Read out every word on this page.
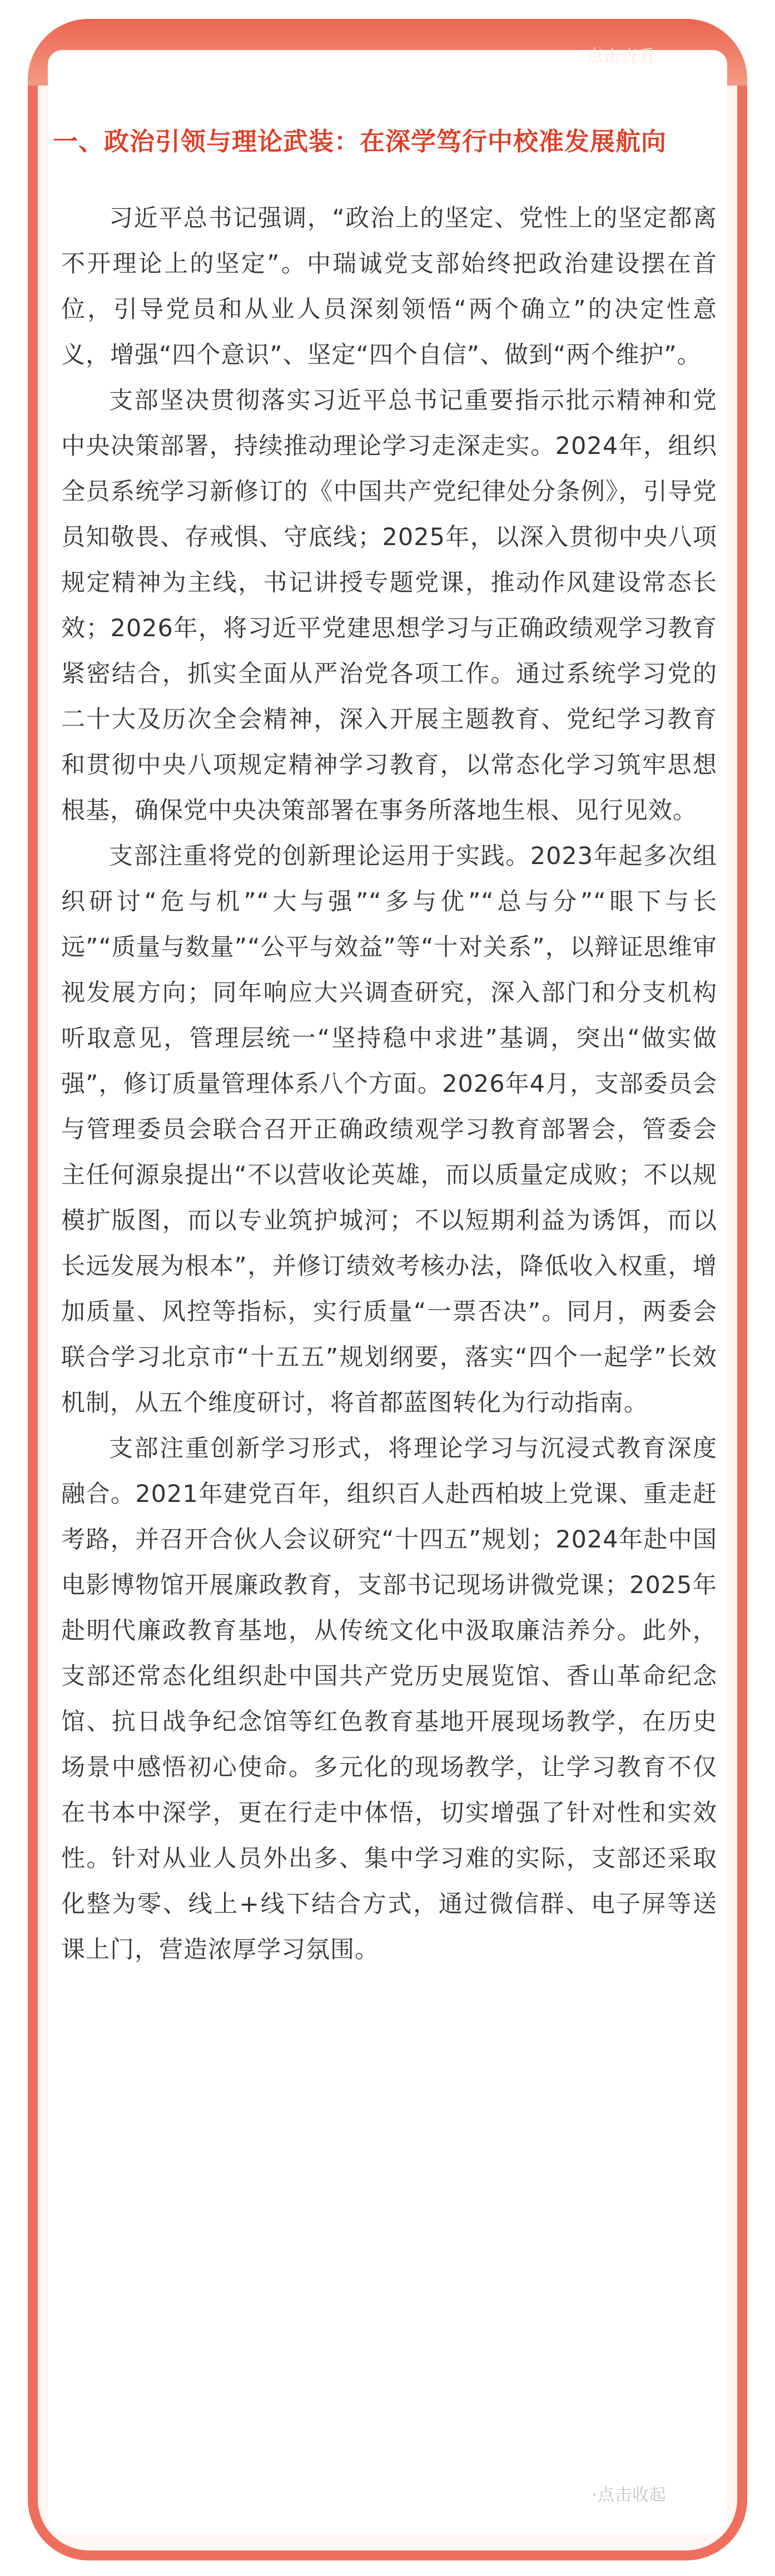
·点击查看
一、政治引领与理论武装：在深学笃行中校准发展航向

习近平总书记强调，“政治上的坚定、党性上的坚定都离不开理论上的坚定”。中瑞诚党支部始终把政治建设摆在首位，引导党员和从业人员深刻领悟“两个确立”的决定性意义，增强“四个意识”、坚定“四个自信”、做到“两个维护”。

支部坚决贯彻落实习近平总书记重要指示批示精神和党中央决策部署，持续推动理论学习走深走实。2024年，组织全员系统学习新修订的《中国共产党纪律处分条例》，引导党员知敬畏、存戒惧、守底线；2025年，以深入贯彻中央八项规定精神为主线，书记讲授专题党课，推动作风建设常态长效；2026年，将习近平党建思想学习与正确政绩观学习教育紧密结合，抓实全面从严治党各项工作。通过系统学习党的二十大及历次全会精神，深入开展主题教育、党纪学习教育和贯彻中央八项规定精神学习教育，以常态化学习筑牢思想根基，确保党中央决策部署在事务所落地生根、见行见效。

支部注重将党的创新理论运用于实践。2023年起多次组织研讨“危与机”“大与强”“多与优”“总与分”“眼下与长远”“质量与数量”“公平与效益”等“十对关系”，以辩证思维审视发展方向；同年响应大兴调查研究，深入部门和分支机构听取意见，管理层统一“坚持稳中求进”基调，突出“做实做强”，修订质量管理体系八个方面。2026年4月，支部委员会与管理委员会联合召开正确政绩观学习教育部署会，管委会主任何源泉提出“不以营收论英雄，而以质量定成败；不以规模扩版图，而以专业筑护城河；不以短期利益为诱饵，而以长远发展为根本”，并修订绩效考核办法，降低收入权重，增加质量、风控等指标，实行质量“一票否决”。同月，两委会联合学习北京市“十五五”规划纲要，落实“四个一起学”长效机制，从五个维度研讨，将首都蓝图转化为行动指南。

支部注重创新学习形式，将理论学习与沉浸式教育深度融合。2021年建党百年，组织百人赴西柏坡上党课、重走赶考路，并召开合伙人会议研究“十四五”规划；2024年赴中国电影博物馆开展廉政教育，支部书记现场讲微党课；2025年赴明代廉政教育基地，从传统文化中汲取廉洁养分。此外，支部还常态化组织赴中国共产党历史展览馆、香山革命纪念馆、抗日战争纪念馆等红色教育基地开展现场教学，在历史场景中感悟初心使命。多元化的现场教学，让学习教育不仅在书本中深学，更在行走中体悟，切实增强了针对性和实效性。针对从业人员外出多、集中学习难的实际，支部还采取化整为零、线上+线下结合方式，通过微信群、电子屏等送课上门，营造浓厚学习氛围。

·点击收起
